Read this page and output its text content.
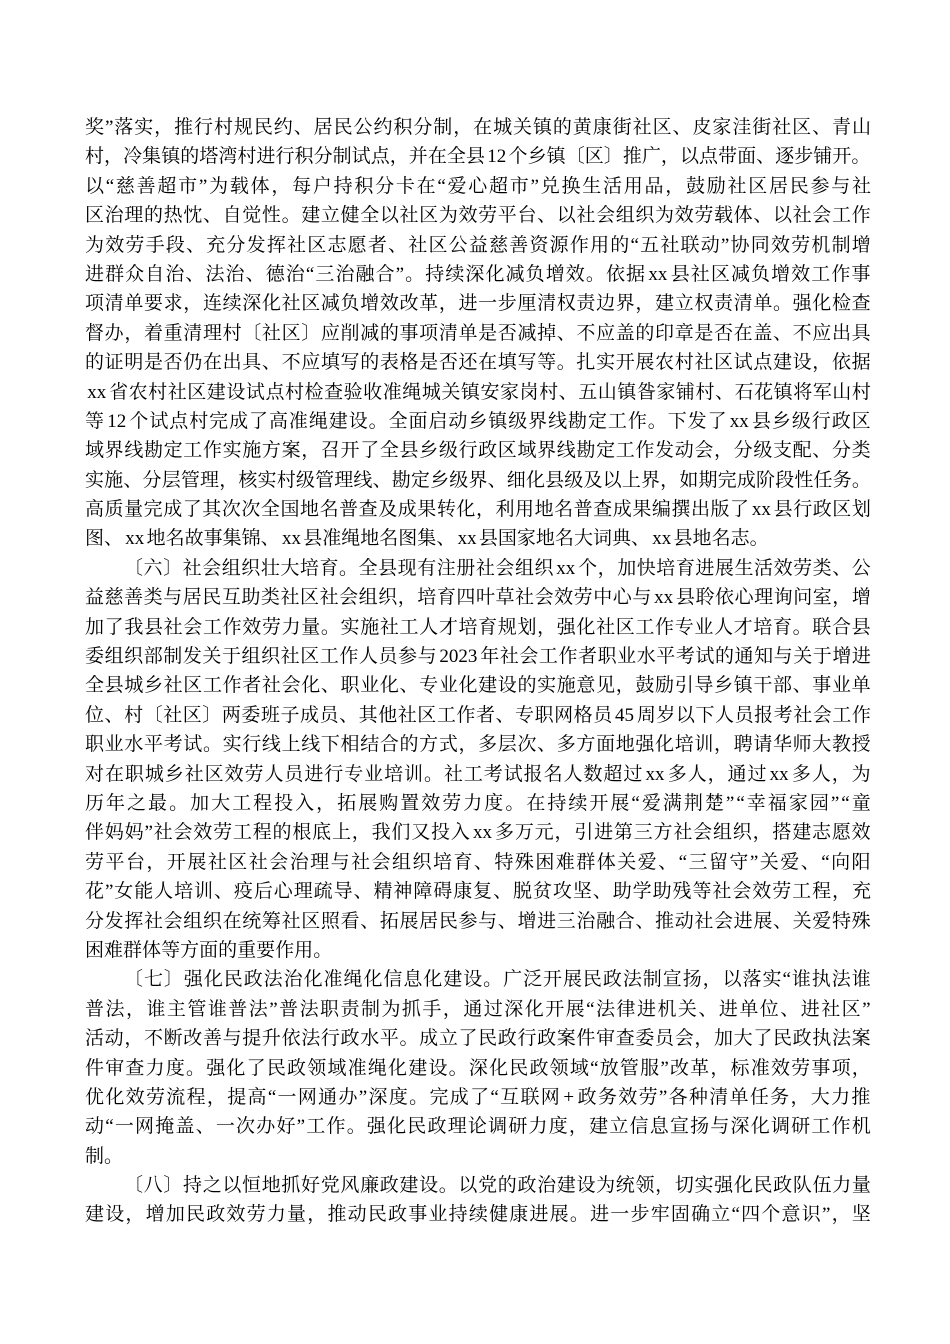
奖 ” 落 实 ， 推 行 村 规 民 约 、 居 民 公 约 积 分 制 ， 在 城 关 镇 的 黄 康 街 社 区 、 皮 家 洼 街 社 区 、 青 山
村 ， 冷 集 镇 的 塔 湾 村 进 行 积 分 制 试 点 ， 并 在 全 县 12 个 乡 镇 〔 区 〕 推 广 ， 以 点 带 面 、 逐 步 铺 开 。
以 “ 慈 善 超 市 ” 为 载 体 ， 每 户 持 积 分 卡 在 “ 爱 心 超 市 ” 兑 换 生 活 用 品 ， 鼓 励 社 区 居 民 参 与 社
区 治 理 的 热 忱 、 自 觉 性 。 建 立 健 全 以 社 区 为 效 劳 平 台 、 以 社 会 组 织 为 效 劳 载 体 、 以 社 会 工 作
为 效 劳 手 段 、 充 分 发 挥 社 区 志 愿 者 、 社 区 公 益 慈 善 资 源 作 用 的 “ 五 社 联 动 ” 协 同 效 劳 机 制 增
进 群 众 自 治 、 法 治 、 德 治 “ 三 治 融 合 ” 。 持 续 深 化 减 负 增 效 。 依 据 xx 县 社 区 减 负 增 效 工 作 事
项 清 单 要 求 ， 连 续 深 化 社 区 减 负 增 效 改 革 ， 进 一 步 厘 清 权 责 边 界 ， 建 立 权 责 清 单 。 强 化 检 查
督 办 ， 着 重 清 理 村 〔 社 区 〕 应 削 减 的 事 项 清 单 是 否 减 掉 、 不 应 盖 的 印 章 是 否 在 盖 、 不 应 出 具
的 证 明 是 否 仍 在 出 具 、 不 应 填 写 的 表 格 是 否 还 在 填 写 等 。 扎 实 开 展 农 村 社 区 试 点 建 设 ， 依 据
xx 省 农 村 社 区 建 设 试 点 村 检 查 验 收 准 绳 城 关 镇 安 家 岗 村 、 五 山 镇 昝 家 铺 村 、 石 花 镇 将 军 山 村
等 12 个 试 点 村 完 成 了 高 准 绳 建 设 。 全 面 启 动 乡 镇 级 界 线 勘 定 工 作 。 下 发 了 xx 县 乡 级 行 政 区
域 界 线 勘 定 工 作 实 施 方 案 ， 召 开 了 全 县 乡 级 行 政 区 域 界 线 勘 定 工 作 发 动 会 ， 分 级 支 配 、 分 类
实 施 、 分 层 管 理 ， 核 实 村 级 管 理 线 、 勘 定 乡 级 界 、 细 化 县 级 及 以 上 界 ， 如 期 完 成 阶 段 性 任 务 。
高 质 量 完 成 了 其 次 次 全 国 地 名 普 查 及 成 果 转 化 ， 利 用 地 名 普 查 成 果 编 撰 出 版 了 xx 县 行 政 区 划
图 、 xx 地 名 故 事 集 锦 、 xx 县 准 绳 地 名 图 集 、 xx 县 国 家 地 名 大 词 典 、 xx 县 地 名 志 。
〔 六 〕 社 会 组 织 壮 大 培 育 。 全 县 现 有 注 册 社 会 组 织 xx 个 ， 加 快 培 育 进 展 生 活 效 劳 类 、 公
益 慈 善 类 与 居 民 互 助 类 社 区 社 会 组 织 ， 培 育 四 叶 草 社 会 效 劳 中 心 与 xx 县 聆 依 心 理 询 问 室 ， 增
加 了 我 县 社 会 工 作 效 劳 力 量 。 实 施 社 工 人 才 培 育 规 划 ， 强 化 社 区 工 作 专 业 人 才 培 育 。 联 合 县
委 组 织 部 制 发 关 于 组 织 社 区 工 作 人 员 参 与 2023 年 社 会 工 作 者 职 业 水 平 考 试 的 通 知 与 关 于 增 进
全 县 城 乡 社 区 工 作 者 社 会 化 、 职 业 化 、 专 业 化 建 设 的 实 施 意 见 ， 鼓 励 引 导 乡 镇 干 部 、 事 业 单
位 、 村 〔 社 区 〕 两 委 班 子 成 员 、 其 他 社 区 工 作 者 、 专 职 网 格 员 45 周 岁 以 下 人 员 报 考 社 会 工 作
职 业 水 平 考 试 。 实 行 线 上 线 下 相 结 合 的 方 式 ， 多 层 次 、 多 方 面 地 强 化 培 训 ， 聘 请 华 师 大 教 授
对 在 职 城 乡 社 区 效 劳 人 员 进 行 专 业 培 训 。 社 工 考 试 报 名 人 数 超 过 xx 多 人 ， 通 过 xx 多 人 ， 为
历 年 之 最 。 加 大 工 程 投 入 ， 拓 展 购 置 效 劳 力 度 。 在 持 续 开 展 “ 爱 满 荆 楚 ” “ 幸 福 家 园 ” “ 童
伴 妈 妈 ” 社 会 效 劳 工 程 的 根 底 上 ， 我 们 又 投 入 xx 多 万 元 ， 引 进 第 三 方 社 会 组 织 ， 搭 建 志 愿 效
劳 平 台 ， 开 展 社 区 社 会 治 理 与 社 会 组 织 培 育 、 特 殊 困 难 群 体 关 爱 、 “ 三 留 守 ” 关 爱 、 “ 向 阳
花 ” 女 能 人 培 训 、 疫 后 心 理 疏 导 、 精 神 障 碍 康 复 、 脱 贫 攻 坚 、 助 学 助 残 等 社 会 效 劳 工 程 ， 充
分 发 挥 社 会 组 织 在 统 筹 社 区 照 看 、 拓 展 居 民 参 与 、 增 进 三 治 融 合 、 推 动 社 会 进 展 、 关 爱 特 殊
困 难 群 体 等 方 面 的 重 要 作 用 。
〔 七 〕 强 化 民 政 法 治 化 准 绳 化 信 息 化 建 设 。 广 泛 开 展 民 政 法 制 宣 扬 ， 以 落 实 “ 谁 执 法 谁
普 法 ， 谁 主 管 谁 普 法 ” 普 法 职 责 制 为 抓 手 ， 通 过 深 化 开 展 “ 法 律 进 机 关 、 进 单 位 、 进 社 区 ”
活 动 ， 不 断 改 善 与 提 升 依 法 行 政 水 平 。 成 立 了 民 政 行 政 案 件 审 查 委 员 会 ， 加 大 了 民 政 执 法 案
件 审 查 力 度 。 强 化 了 民 政 领 域 准 绳 化 建 设 。 深 化 民 政 领 域 “ 放 管 服 ” 改 革 ， 标 准 效 劳 事 项 ，
优 化 效 劳 流 程 ， 提 高 “ 一 网 通 办 ” 深 度 。 完 成 了 “ 互 联 网 + 政 务 效 劳 ” 各 种 清 单 任 务 ， 大 力 推
动 “ 一 网 掩 盖 、 一 次 办 好 ” 工 作 。 强 化 民 政 理 论 调 研 力 度 ， 建 立 信 息 宣 扬 与 深 化 调 研 工 作 机
制 。
〔 八 〕 持 之 以 恒 地 抓 好 党 风 廉 政 建 设 。 以 党 的 政 治 建 设 为 统 领 ， 切 实 强 化 民 政 队 伍 力 量
建 设 ， 增 加 民 政 效 劳 力 量 ， 推 动 民 政 事 业 持 续 健 康 进 展 。 进 一 步 牢 固 确 立 “ 四 个 意 识 ” ， 坚
